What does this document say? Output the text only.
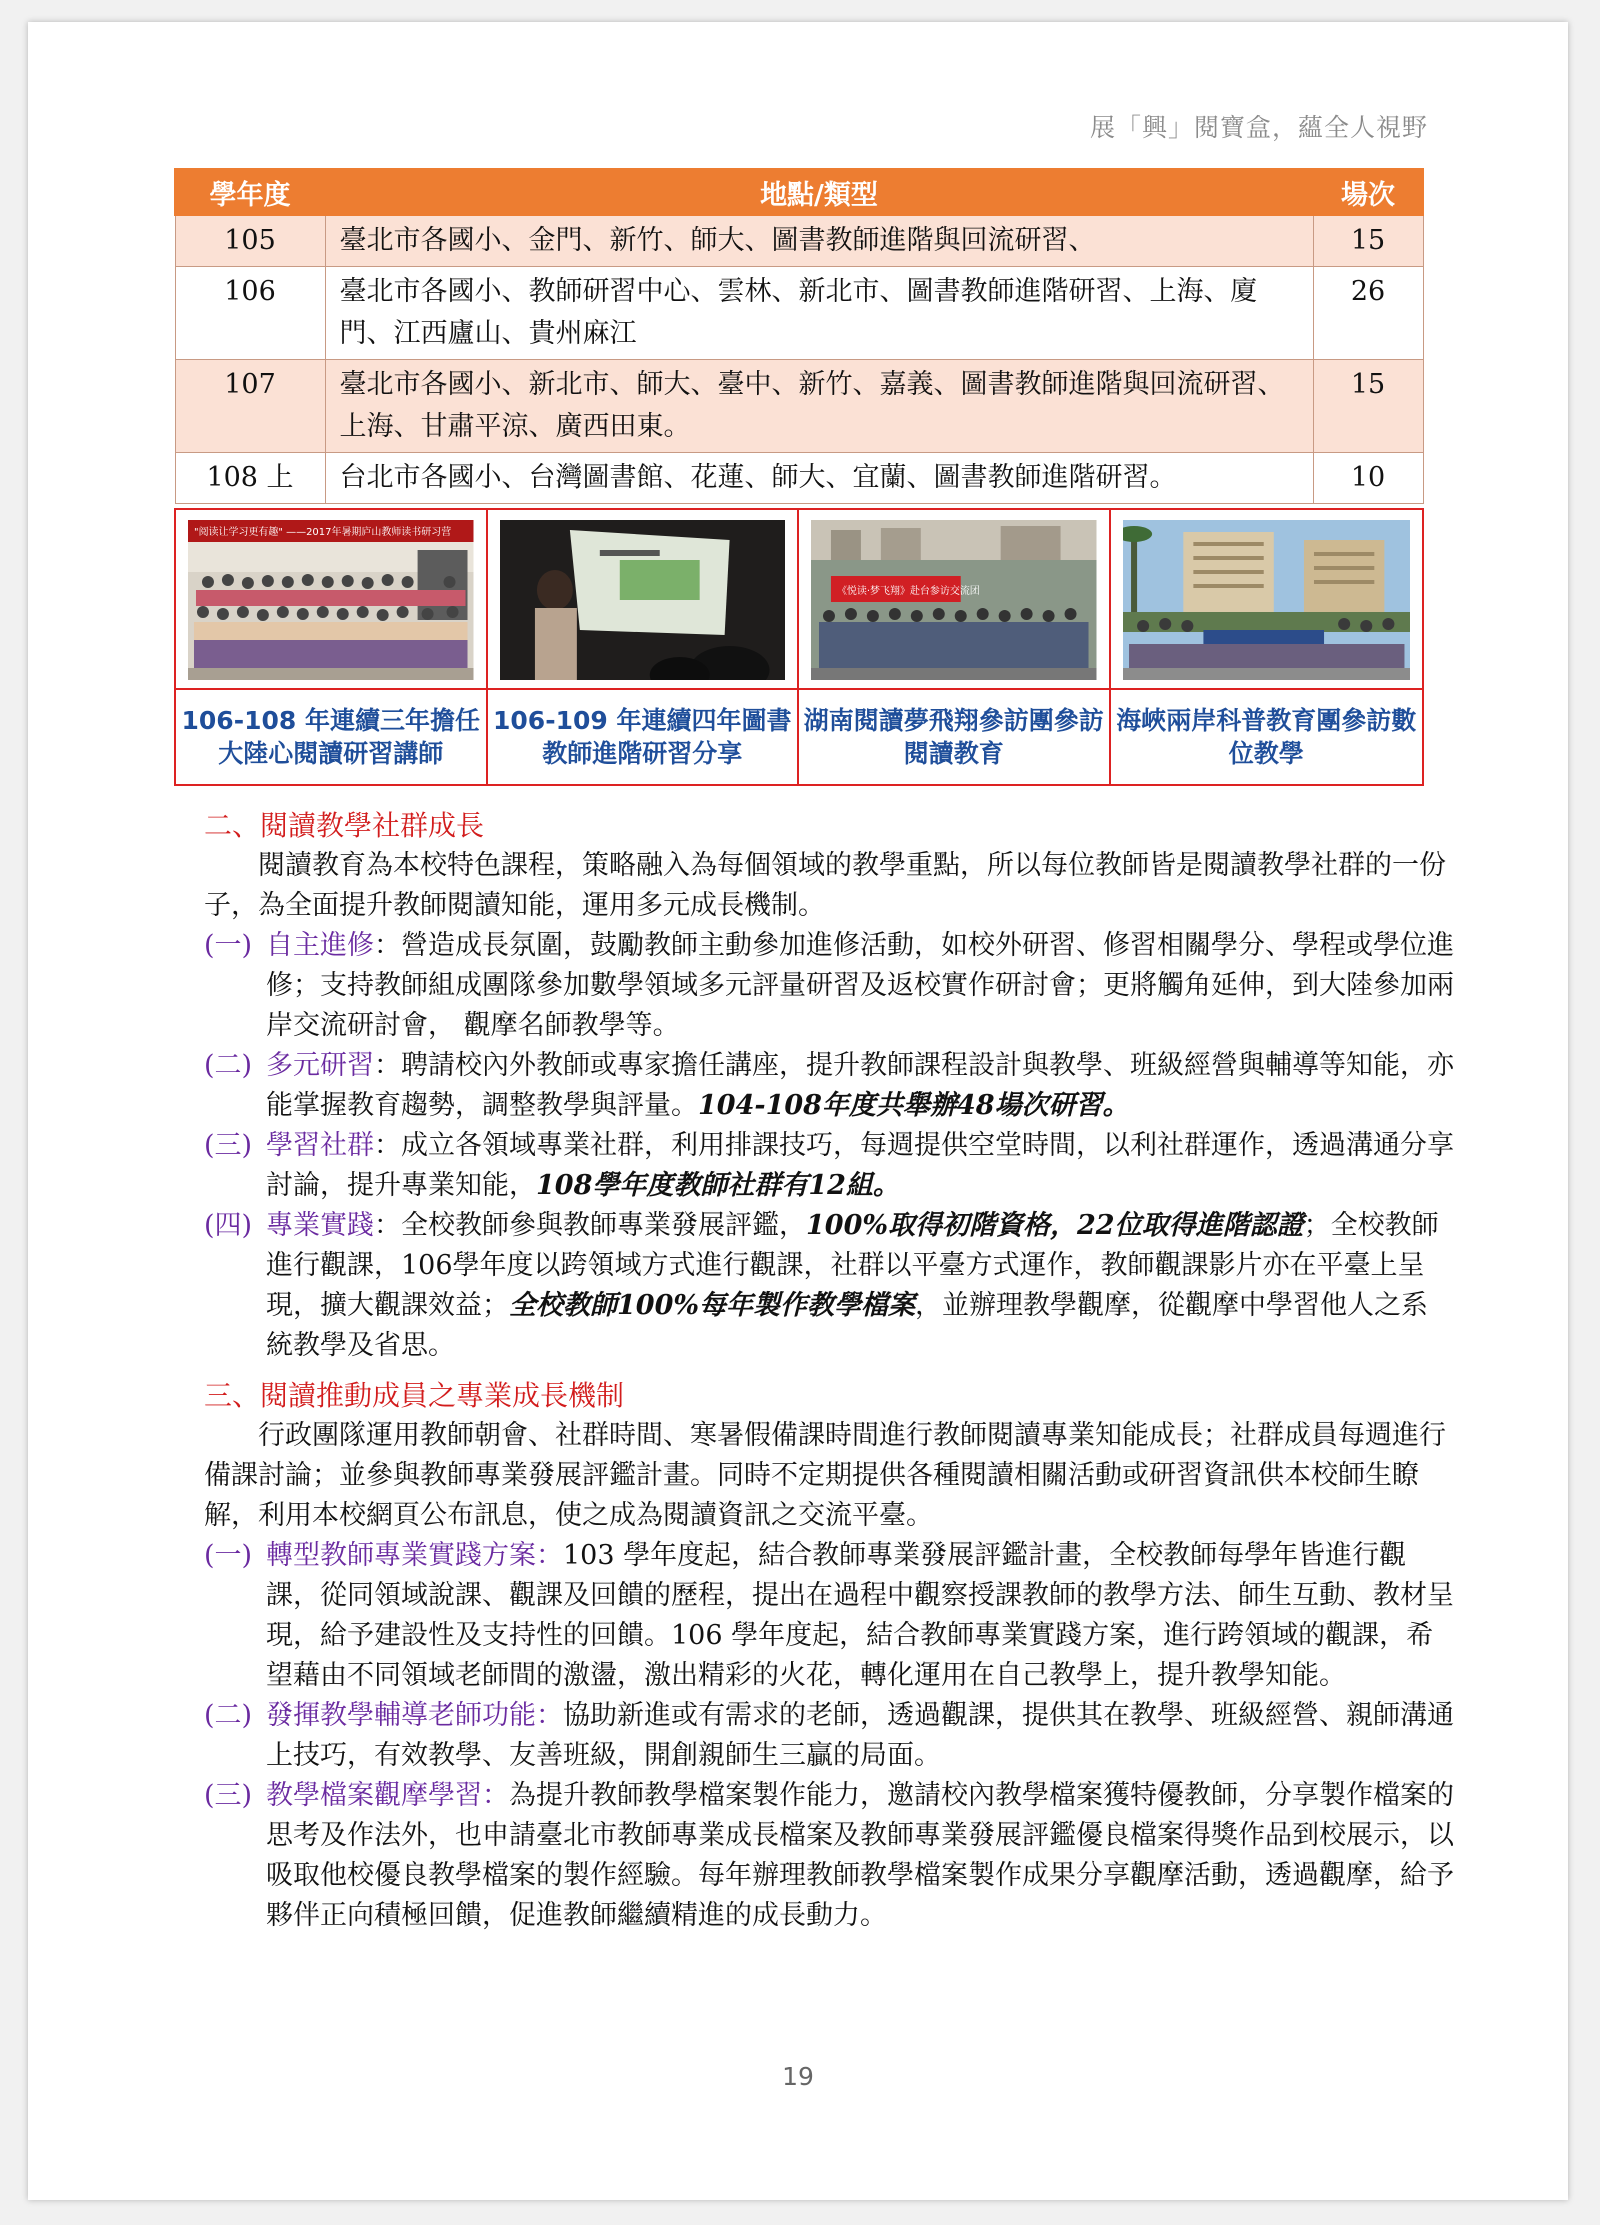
展「興」閱寶盒，蘊全人視野
學年度	地點/類型	場次
105	臺北市各國小、金門、新竹、師大、圖書教師進階與回流研習、	15
106	臺北市各國小、教師研習中心、雲林、新北市、圖書教師進階研習、上海、廈門、江西廬山、貴州麻江	26
107	臺北市各國小、新北市、師大、臺中、新竹、嘉義、圖書教師進階與回流研習、上海、甘肅平涼、廣西田東。	15
108 上	台北市各國小、台灣圖書館、花蓮、師大、宜蘭、圖書教師進階研習。	10
"阅读让学习更有趣" ——2017年暑期庐山教师读书研习营
106-108 年連續三年擔任大陸心閱讀研習講師
106-109 年連續四年圖書教師進階研習分享
《悦读·梦飞翔》赴台参访交流团
湖南閱讀夢飛翔參訪團參訪閱讀教育
海峽兩岸科普教育團參訪數位教學
二、閱讀教學社群成長
閱讀教育為本校特色課程，策略融入為每個領域的教學重點，所以每位教師皆是閱讀教學社群的一份子，為全面提升教師閱讀知能，運用多元成長機制。
(一) 自主進修：營造成長氛圍，鼓勵教師主動參加進修活動，如校外研習、修習相關學分、學程或學位進修；支持教師組成團隊參加數學領域多元評量研習及返校實作研討會；更將觸角延伸，到大陸參加兩岸交流研討會， 觀摩名師教學等。
(二) 多元研習：聘請校內外教師或專家擔任講座，提升教師課程設計與教學、班級經營與輔導等知能，亦能掌握教育趨勢，調整教學與評量。104-108年度共舉辦48場次研習。
(三) 學習社群：成立各領域專業社群，利用排課技巧，每週提供空堂時間，以利社群運作，透過溝通分享討論，提升專業知能，108學年度教師社群有12組。
(四) 專業實踐：全校教師參與教師專業發展評鑑，100%取得初階資格，22位取得進階認證；全校教師進行觀課，106學年度以跨領域方式進行觀課，社群以平臺方式運作，教師觀課影片亦在平臺上呈現，擴大觀課效益；全校教師100%每年製作教學檔案，並辦理教學觀摩，從觀摩中學習他人之系統教學及省思。
三、閱讀推動成員之專業成長機制
行政團隊運用教師朝會、社群時間、寒暑假備課時間進行教師閱讀專業知能成長；社群成員每週進行備課討論；並參與教師專業發展評鑑計畫。同時不定期提供各種閱讀相關活動或研習資訊供本校師生瞭解，利用本校網頁公布訊息，使之成為閱讀資訊之交流平臺。
(一) 轉型教師專業實踐方案：103 學年度起，結合教師專業發展評鑑計畫，全校教師每學年皆進行觀課，從同領域說課、觀課及回饋的歷程，提出在過程中觀察授課教師的教學方法、師生互動、教材呈現，給予建設性及支持性的回饋。106 學年度起，結合教師專業實踐方案，進行跨領域的觀課，希望藉由不同領域老師間的激盪，激出精彩的火花，轉化運用在自己教學上，提升教學知能。
(二) 發揮教學輔導老師功能：協助新進或有需求的老師，透過觀課，提供其在教學、班級經營、親師溝通上技巧，有效教學、友善班級，開創親師生三贏的局面。
(三) 教學檔案觀摩學習：為提升教師教學檔案製作能力，邀請校內教學檔案獲特優教師，分享製作檔案的思考及作法外，也申請臺北市教師專業成長檔案及教師專業發展評鑑優良檔案得獎作品到校展示，以吸取他校優良教學檔案的製作經驗。每年辦理教師教學檔案製作成果分享觀摩活動，透過觀摩，給予夥伴正向積極回饋，促進教師繼續精進的成長動力。
19
